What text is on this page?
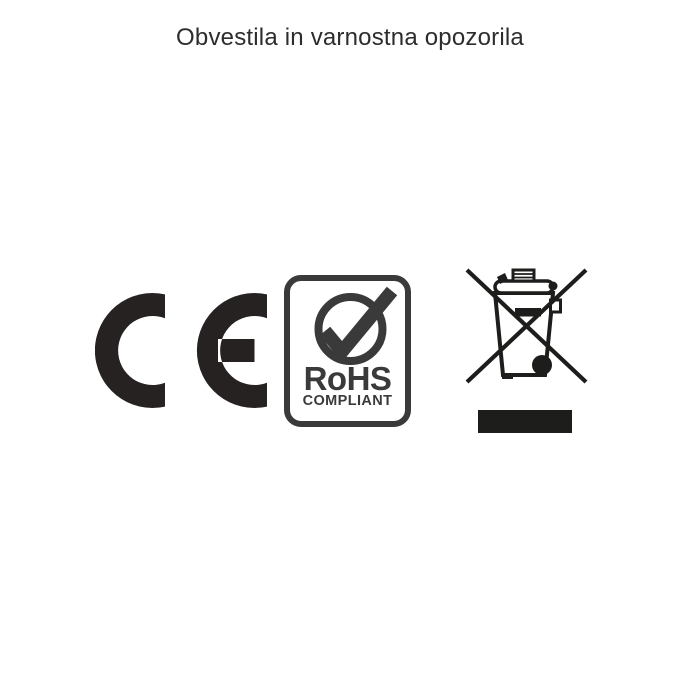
Obvestila in varnostna opozorila
RoHS
COMPLIANT
